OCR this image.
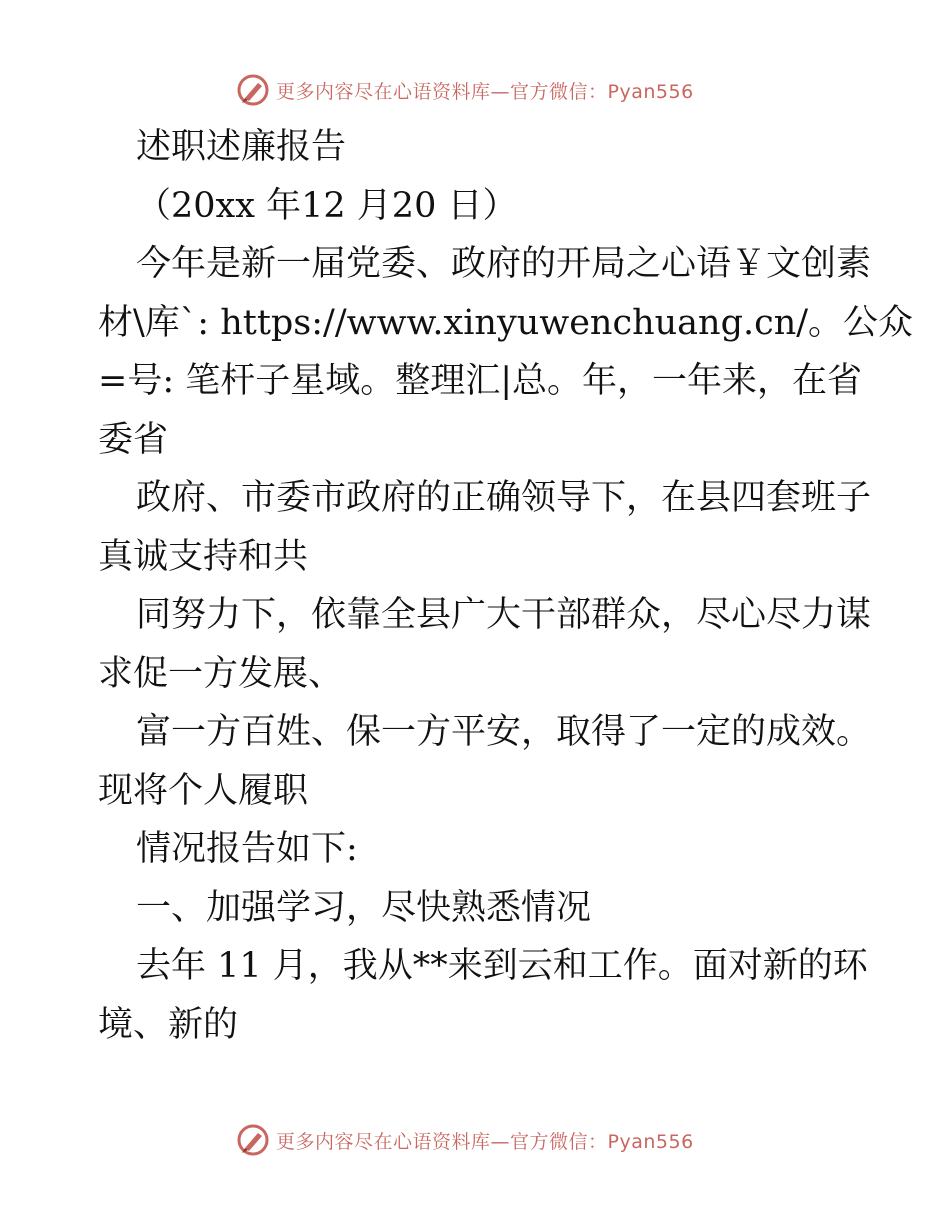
更多内容尽在心语资料库—官方微信：Pyan556
述职述廉报告
（20xx 年12 月20 日）
今年是新一届党委、政府的开局之心语￥文创素
材\库`: https://www.xinyuwenchuang.cn/。公众
=号: 笔杆子星域。整理汇|总。年，一年来，在省
委省
政府、市委市政府的正确领导下，在县四套班子
真诚支持和共
同努力下，依靠全县广大干部群众，尽心尽力谋
求促一方发展、
富一方百姓、保一方平安，取得了一定的成效。
现将个人履职
情况报告如下:
一、加强学习，尽快熟悉情况
去年 11 月，我从**来到云和工作。面对新的环
境、新的
更多内容尽在心语资料库—官方微信：Pyan556
